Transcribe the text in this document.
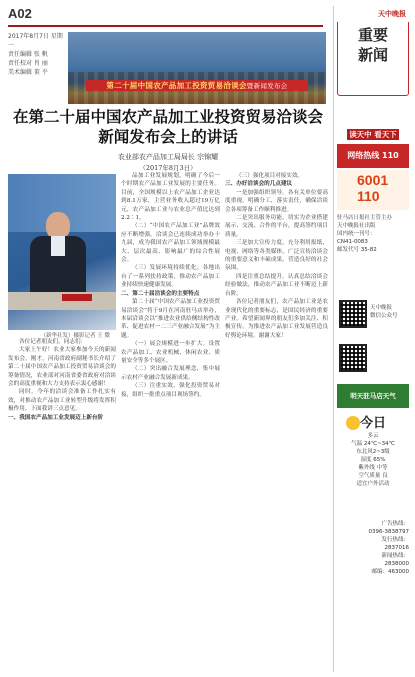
A02
2017年8月7日 星期一
责任编辑 张 帆
责任校对 肖 丽
美术编辑 董 平
第二十届中国农产品加工投资贸易洽谈会暨新闻发布会
在第二十届中国农产品加工业投资贸易洽谈会
新闻发布会上的讲话
农业部农产品加工局局长 宗锦耀
（2017年8月3日）
（新华社发）摄影记者 王 微

各位记者朋友们，同志们：

大家上午好！农业大家参加今天的新闻发布会。刚才，河南省政府副秘书长介绍了第二十届中国农产品加工投资贸易洽谈会的筹备情况，农业部对河南省委省政府对洽谈会的高度重视和大力支持表示衷心感谢！

同时，今年的洽谈会准备工作扎实有效，对推动农产品加工业转型升级将发挥积极作用。下面我讲三点意见。

一、我国农产品加工业发展迈上新台阶

品加工业发展规划，明确了今后一个时期农产品加工业发展的主要任务。目前，全国规模以上农产品加工企业达到8.1万家，主营业务收入超过19万亿元，农产品加工业与农业总产值比达到2.2∶1。

（二）“中国农产品加工业”品牌效应不断增强。洽谈会已连续成功举办十九届，成为我国农产品加工领域规模最大、层次最高、影响最广的综合性展会。

（三）发展环境持续优化。各地出台了一系列扶持政策，推动农产品加工业持续快速健康发展。

二、第二十届洽谈会的主要特点

第二十届“中国农产品加工业投资贸易洽谈会”将于9月在河南驻马店举办，本届洽谈会以“推进农业供给侧结构性改革、促进农村一二三产业融合发展”为主题。

（一）展会规模进一步扩大。设置农产品加工、农业机械、休闲农业、质量安全等多个展区。

（二）突出融合发展理念，集中展示农村产业融合发展新成果。

（三）注重实效，强化投资贸易对接，组织一批重点项目现场签约。

（三）强化项目对接实效。

三、办好洽谈会的几点建议

一是加强组织领导。各有关单位要高度重视，明确分工，落实责任，确保洽谈会各项筹备工作顺利推进。

二是突出服务功能，切实为企业搭建展示、交流、合作的平台，提高签约项目质量。

三是加大宣传力度。充分利用报纸、电视、网络等各类媒体，广泛宣传洽谈会的重要意义和丰硕成果，营造良好的社会氛围。

四是注重总结提升。认真总结洽谈会经验做法，推动农产品加工业不断迈上新台阶。

各位记者朋友们，农产品加工业是农业现代化的重要标志，是国民经济的重要产业。希望新闻界的朋友们多加关注、积极宣传，为推进农产品加工业发展营造良好舆论环境。谢谢大家！

天中晚报
重要
新闻
读天中 看天下
网络热线 110
6001 110
驻马店日报社主管主办
天中晚报社出版
国内统一刊号：
CN41-0083
邮发代号 35-82
天中晚报
微信公众号
明天驻马店天气
今日
多云
气温 24℃~34℃
东北风2~3级
湿度 65%
紫外线 中等
空气质量 良
适宜户外活动
广告热线：
0396-3838797
发行热线：
2837016
新闻热线：
2838000
邮编：463000
